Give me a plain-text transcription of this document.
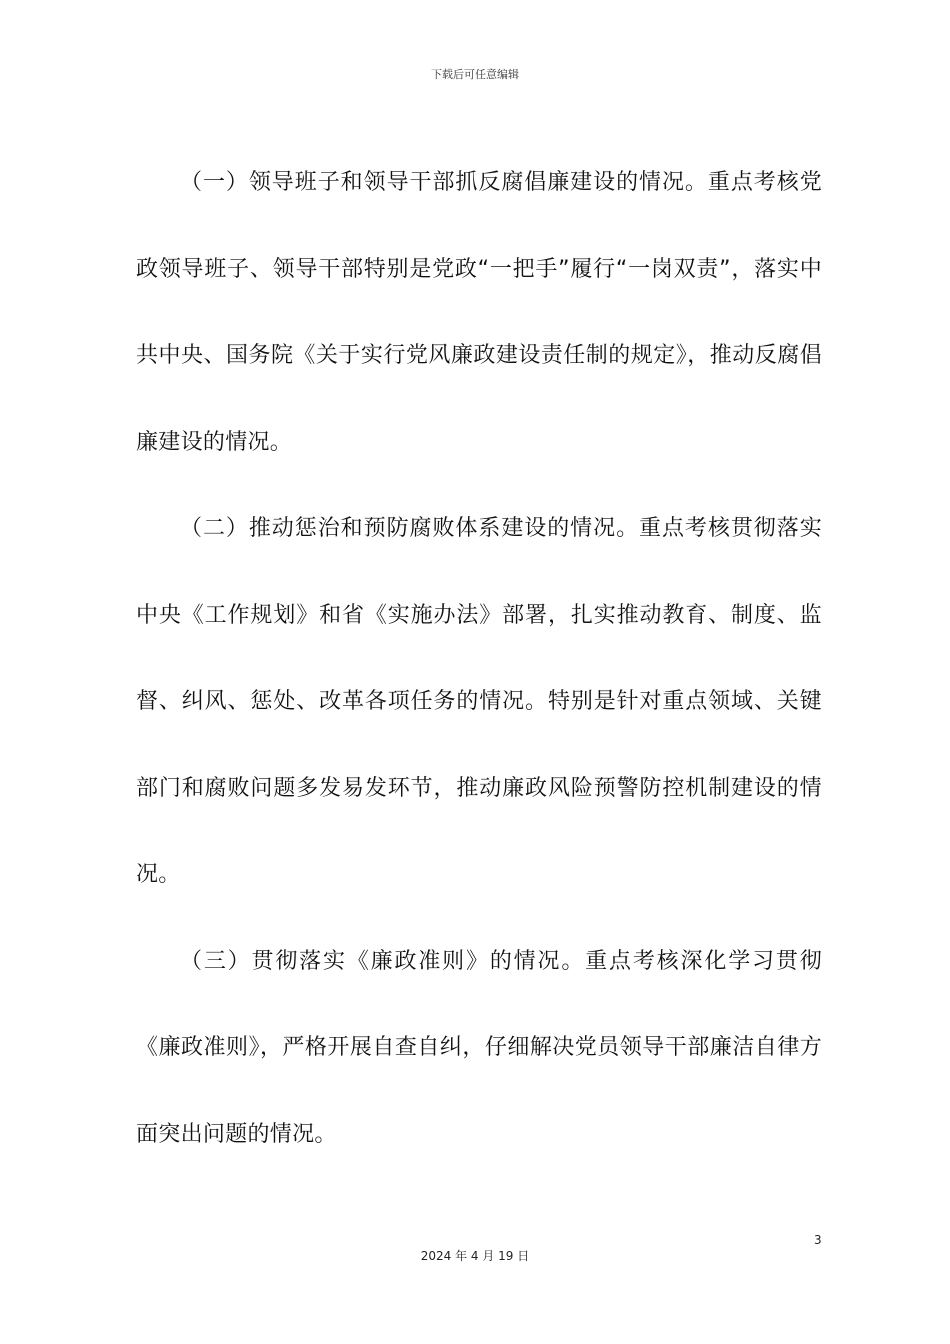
下载后可任意编辑

（一）领导班子和领导干部抓反腐倡廉建设的情况。重点考核党政领导班子、领导干部特别是党政“一把手”履行“一岗双责”，落实中共中央、国务院《关于实行党风廉政建设责任制的规定》，推动反腐倡廉建设的情况。

（二）推动惩治和预防腐败体系建设的情况。重点考核贯彻落实中央《工作规划》和省《实施办法》部署，扎实推动教育、制度、监督、纠风、惩处、改革各项任务的情况。特别是针对重点领域、关键部门和腐败问题多发易发环节，推动廉政风险预警防控机制建设的情况。

（三）贯彻落实《廉政准则》的情况。重点考核深化学习贯彻《廉政准则》，严格开展自查自纠，仔细解决党员领导干部廉洁自律方面突出问题的情况。

3
2024 年 4 月 19 日
